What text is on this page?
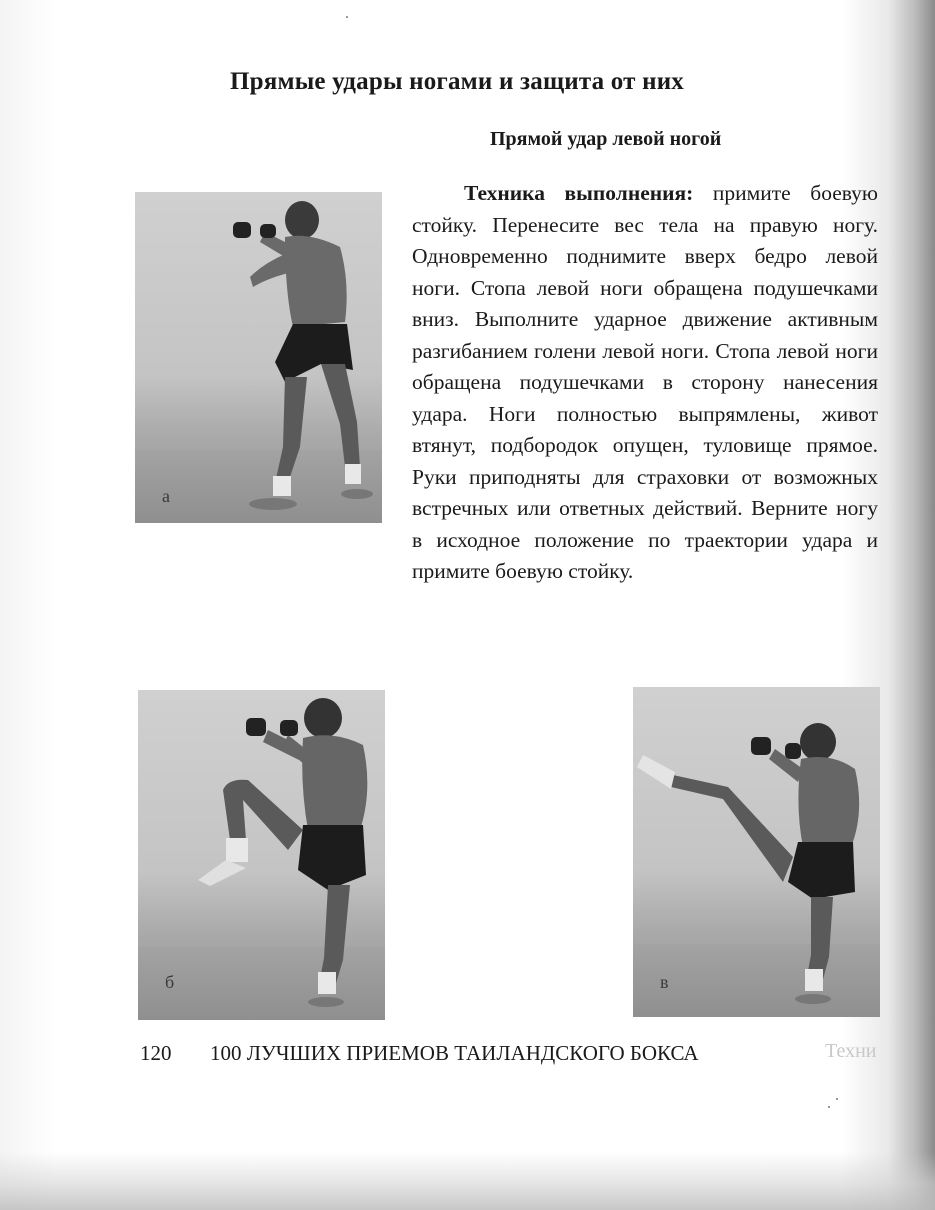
Прямые удары ногами и защита от них
Прямой удар левой ногой
Техника выполнения: примите боевую стойку. Перенесите вес тела на правую ногу. Одновременно поднимите вверх бедро левой ноги. Стопа левой ноги обращена подушечками вниз. Выполните ударное движение активным разгибанием голени левой ноги. Стопа левой ноги обращена подушечками в сторону нанесения удара. Ноги полностью выпрямлены, живот втянут, подбородок опущен, туловище прямое. Руки приподняты для страховки от возможных встречных или ответных действий. Верните ногу в исходное положение по траектории удара и примите боевую стойку.
а
б	в
120 100 ЛУЧШИХ ПРИЕМОВ ТАИЛАНДСКОГО БОКСА	Техни
